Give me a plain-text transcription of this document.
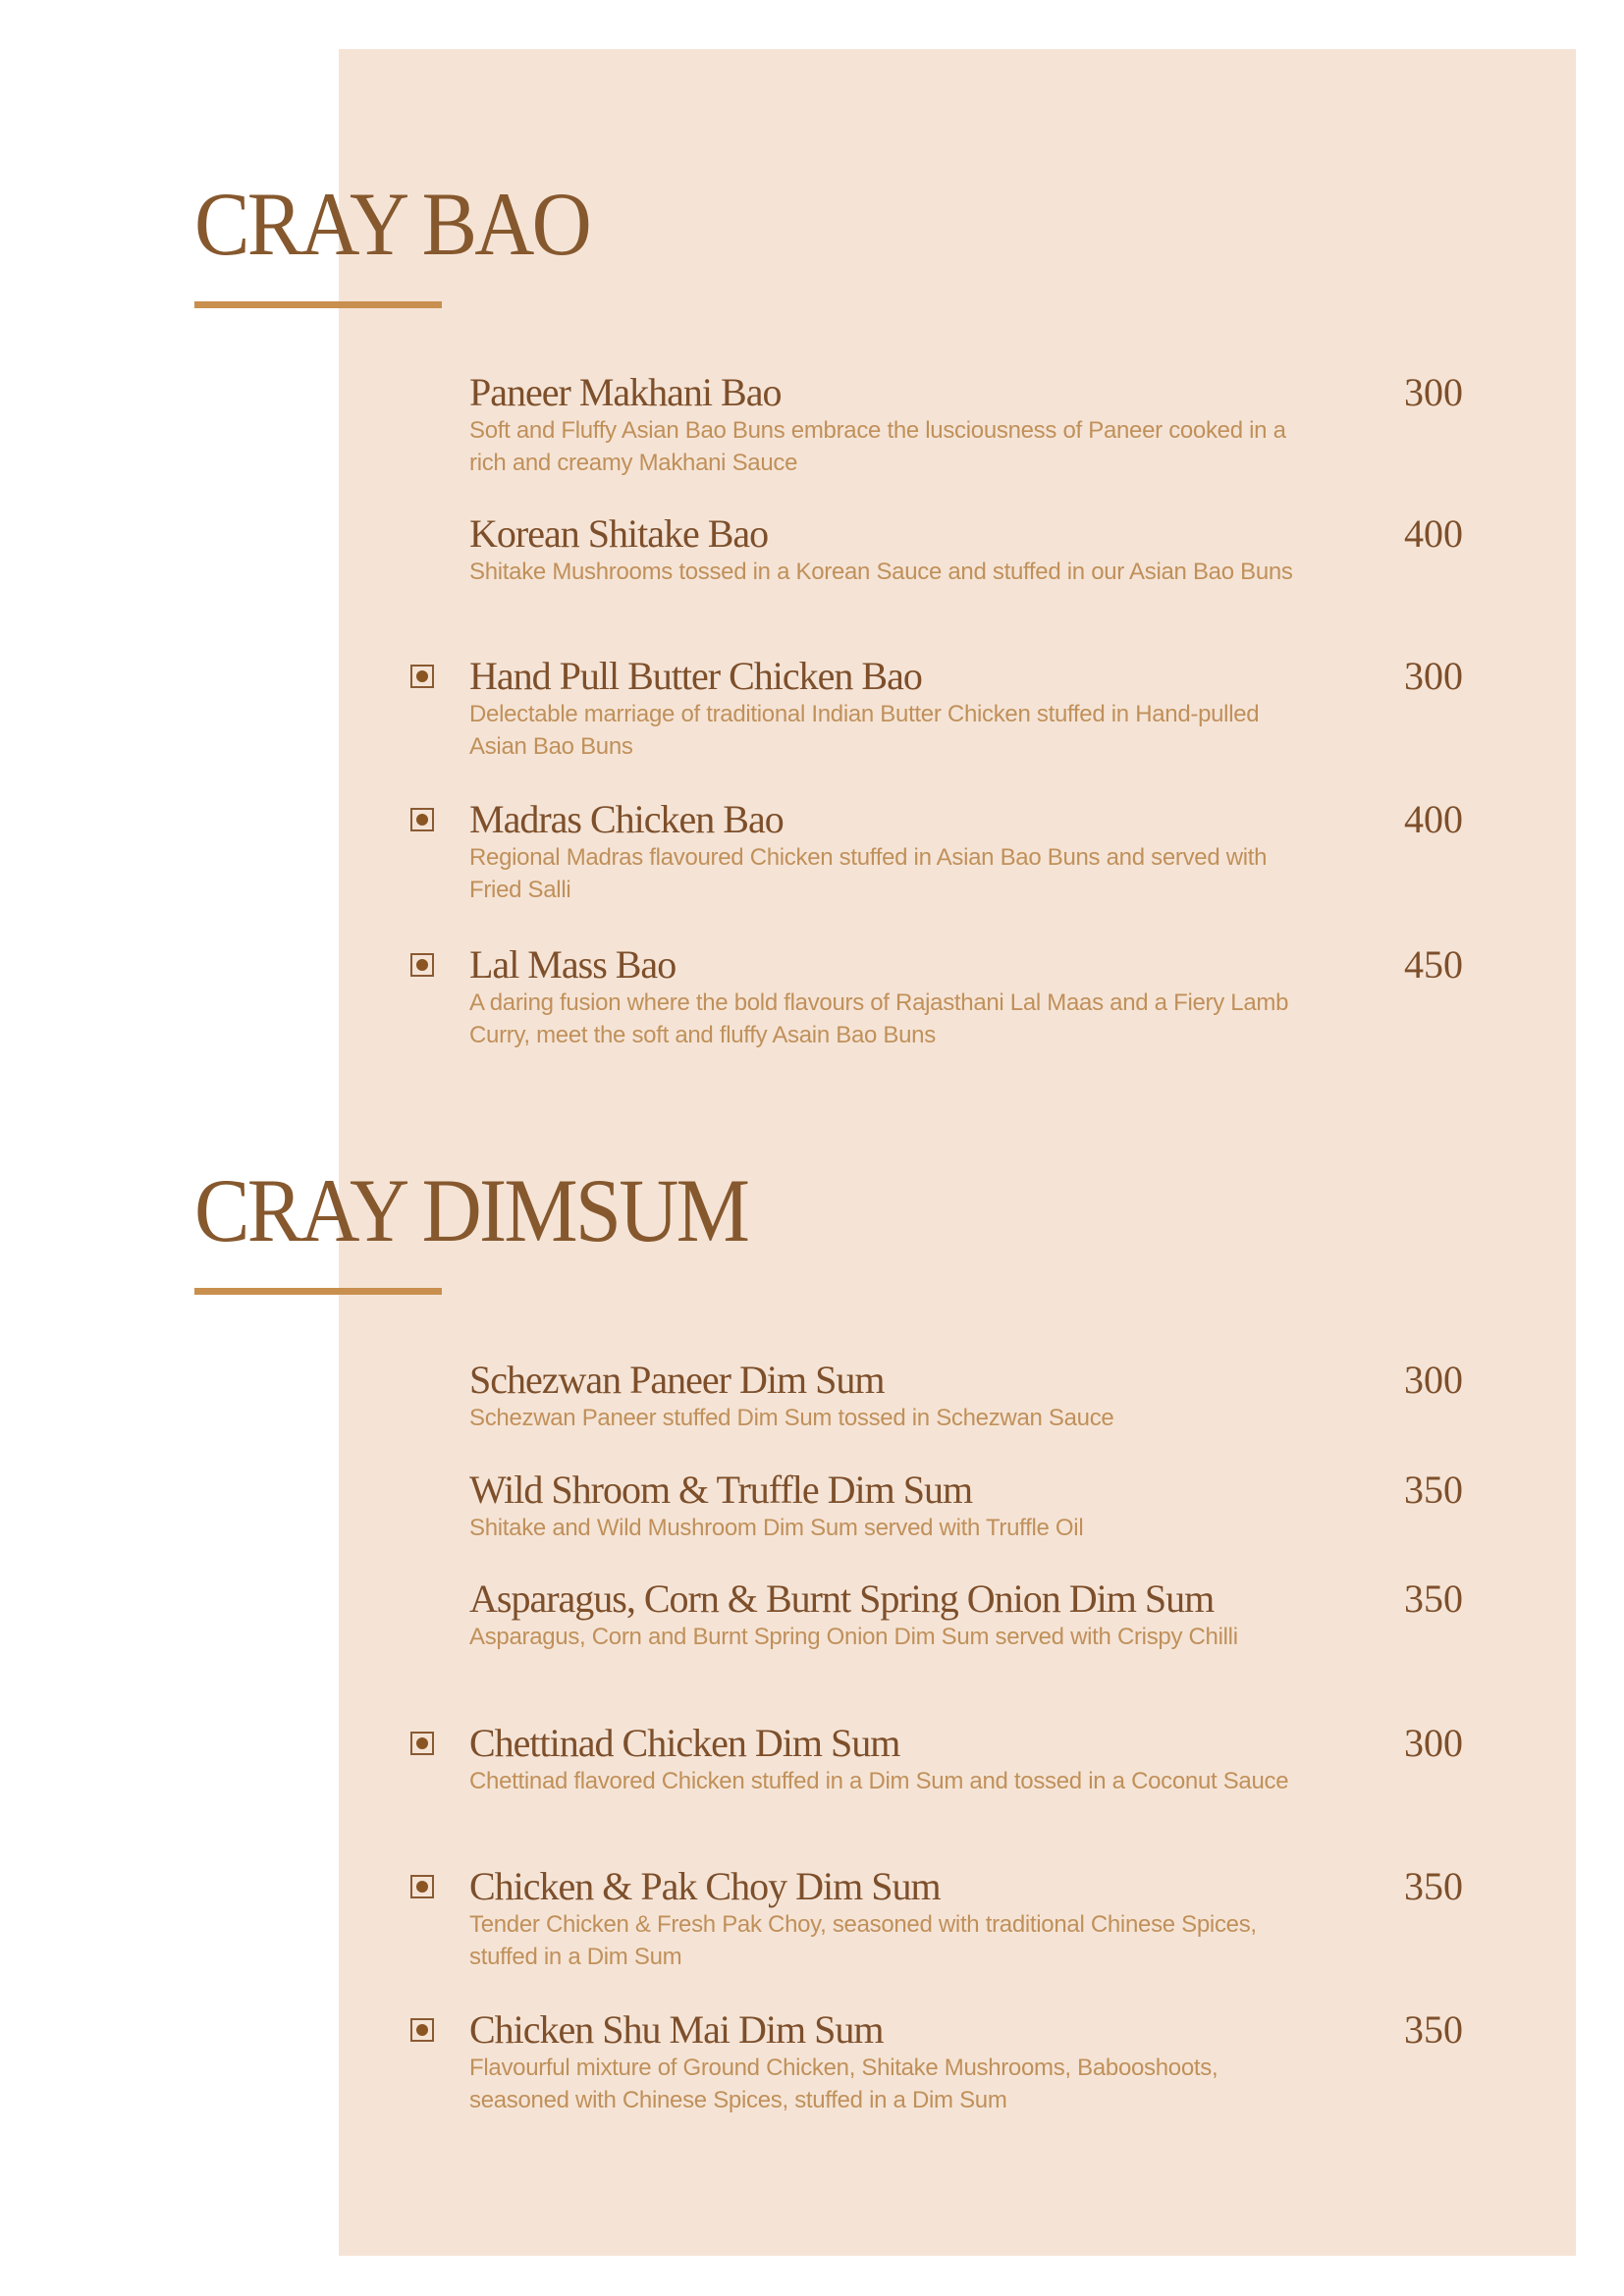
CRAY BAO
Paneer Makhani Bao	300
Soft and Fluffy Asian Bao Buns embrace the lusciousness of Paneer cooked in a rich and creamy Makhani Sauce
Korean Shitake Bao	400
Shitake Mushrooms tossed in a Korean Sauce and stuffed in our Asian Bao Buns
Hand Pull Butter Chicken Bao	300
Delectable marriage of traditional Indian Butter Chicken stuffed in Hand-pulled Asian Bao Buns
Madras Chicken Bao	400
Regional Madras flavoured Chicken stuffed in Asian Bao Buns and served with Fried Salli
Lal Mass Bao	450
A daring fusion where the bold flavours of Rajasthani Lal Maas and a Fiery Lamb Curry, meet the soft and fluffy Asain Bao Buns
CRAY DIMSUM
Schezwan Paneer Dim Sum	300
Schezwan Paneer stuffed Dim Sum tossed in Schezwan Sauce
Wild Shroom & Truffle Dim Sum	350
Shitake and Wild Mushroom Dim Sum served with Truffle Oil
Asparagus, Corn & Burnt Spring Onion Dim Sum	350
Asparagus, Corn and Burnt Spring Onion Dim Sum served with Crispy Chilli
Chettinad Chicken Dim Sum	300
Chettinad flavored Chicken stuffed in a Dim Sum and tossed in a Coconut Sauce
Chicken & Pak Choy Dim Sum	350
Tender Chicken & Fresh Pak Choy, seasoned with traditional Chinese Spices, stuffed in a Dim Sum
Chicken Shu Mai Dim Sum	350
Flavourful mixture of Ground Chicken, Shitake Mushrooms, Babooshoots, seasoned with Chinese Spices, stuffed in a Dim Sum
